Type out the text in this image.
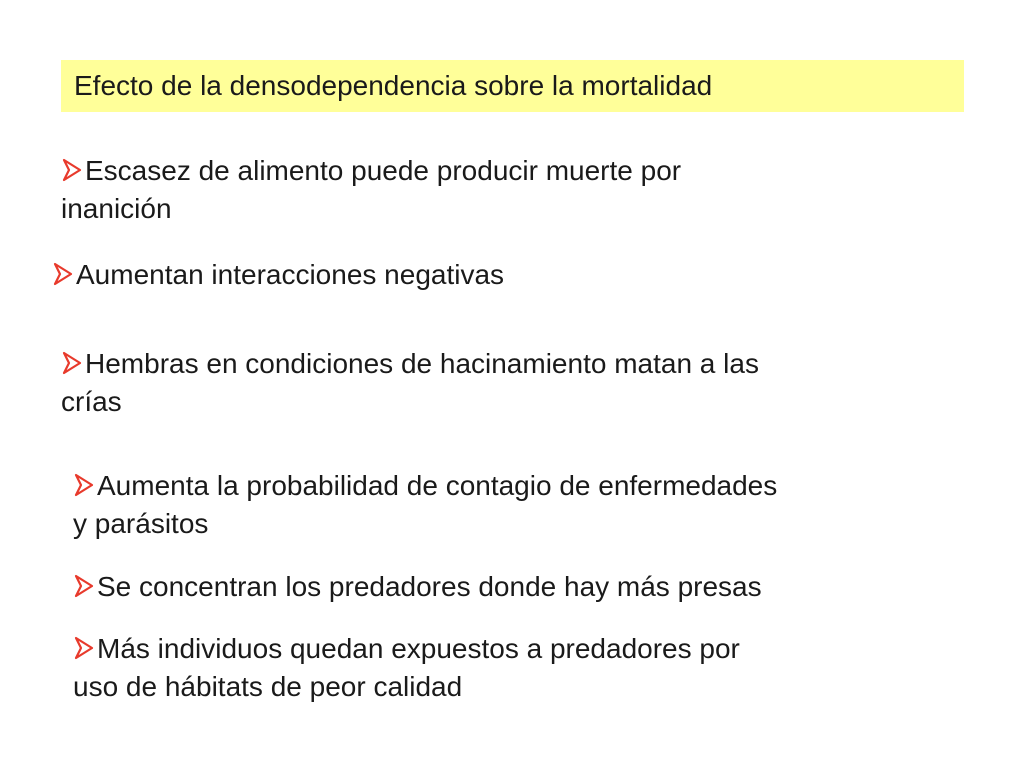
Efecto de la densodependencia sobre la mortalidad
Escasez de alimento puede producir muerte por
inanición
Aumentan interacciones negativas
Hembras en condiciones de hacinamiento matan a las
crías
Aumenta la probabilidad de contagio de enfermedades
y parásitos
Se concentran los predadores donde hay más presas
Más individuos quedan expuestos a predadores por
uso de hábitats de peor calidad
